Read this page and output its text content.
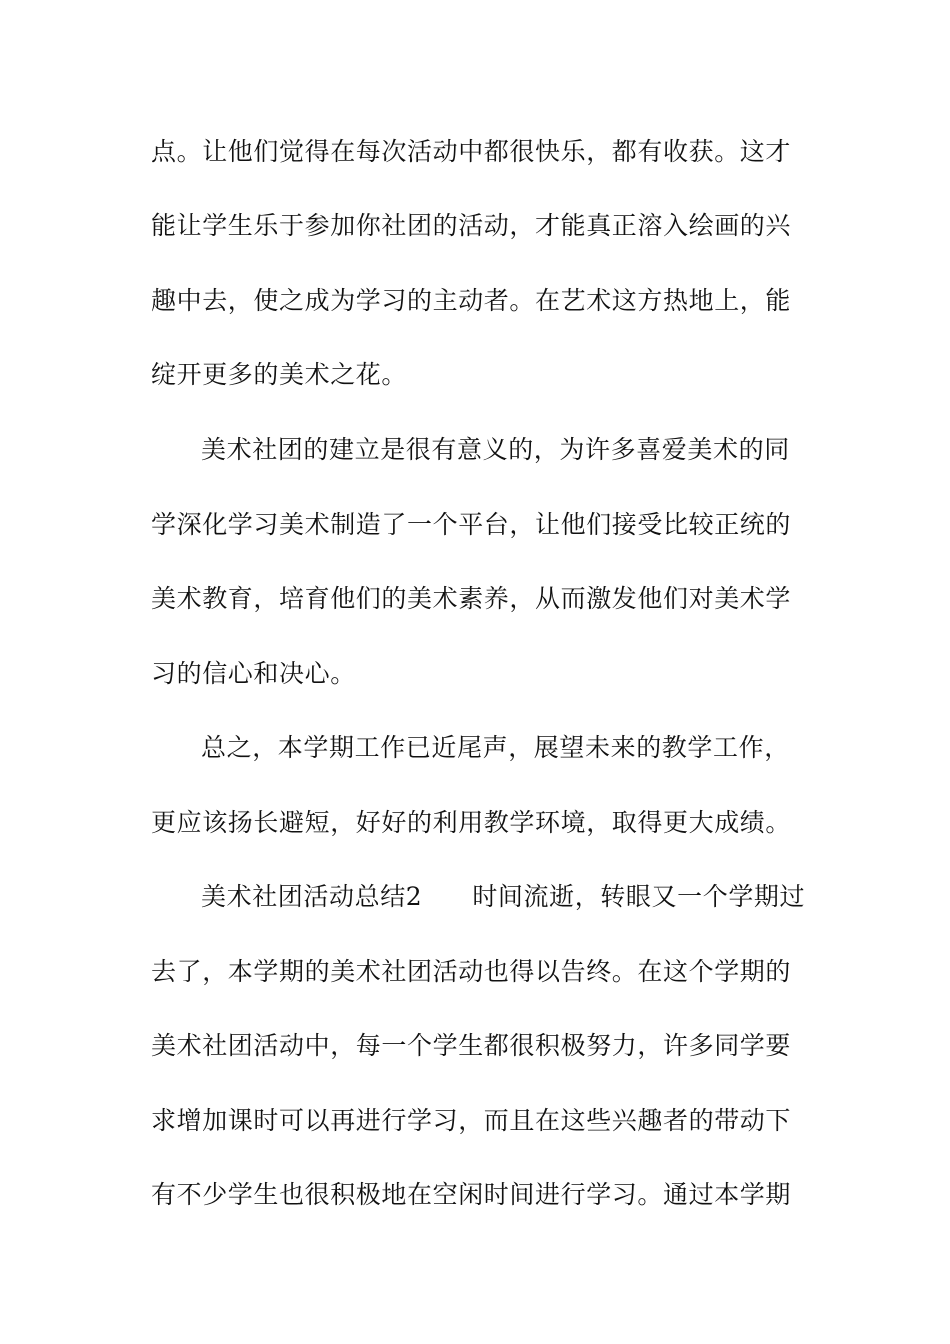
点。让他们觉得在每次活动中都很快乐，都有收获。这才

能让学生乐于参加你社团的活动，才能真正溶入绘画的兴

趣中去，使之成为学习的主动者。在艺术这方热地上，能

绽开更多的美术之花。

美术社团的建立是很有意义的，为许多喜爱美术的同

学深化学习美术制造了一个平台，让他们接受比较正统的

美术教育，培育他们的美术素养，从而激发他们对美术学

习的信心和决心。

总之，本学期工作已近尾声，展望未来的教学工作，

更应该扬长避短，好好的利用教学环境，取得更大成绩。

美术社团活动总结2 时间流逝，转眼又一个学期过

去了，本学期的美术社团活动也得以告终。在这个学期的

美术社团活动中，每一个学生都很积极努力，许多同学要

求增加课时可以再进行学习，而且在这些兴趣者的带动下

有不少学生也很积极地在空闲时间进行学习。通过本学期
